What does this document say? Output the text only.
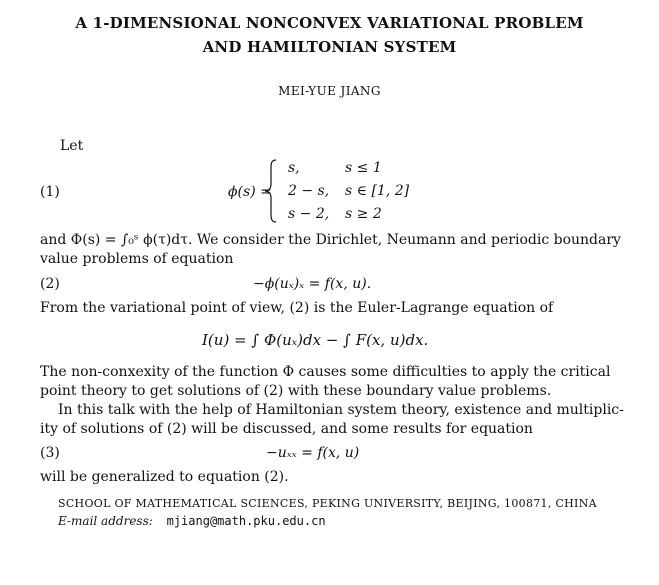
A 1-DIMENSIONAL NONCONVEX VARIATIONAL PROBLEM
AND HAMILTONIAN SYSTEM
MEI-YUE JIANG
Let
(1)	ϕ(s) =
s,	s ≤ 1
2 − s, s ∈ [1, 2]
s − 2, s ≥ 2
and Φ(s) = ∫₀ˢ ϕ(τ)dτ. We consider the Dirichlet, Neumann and periodic boundary
value problems of equation
(2)	−ϕ(uₓ)ₓ = f(x, u).
From the variational point of view, (2) is the Euler-Lagrange equation of
I(u) = ∫ Φ(uₓ)dx − ∫ F(x, u)dx.
The non-conxexity of the function Φ causes some difficulties to apply the critical
point theory to get solutions of (2) with these boundary value problems.
In this talk with the help of Hamiltonian system theory, existence and multiplic-
ity of solutions of (2) will be discussed, and some results for equation
(3)	−uₓₓ = f(x, u)
will be generalized to equation (2).
SCHOOL OF MATHEMATICAL SCIENCES, PEKING UNIVERSITY, BEIJING, 100871, CHINA
E-mail address: mjiang@math.pku.edu.cn
